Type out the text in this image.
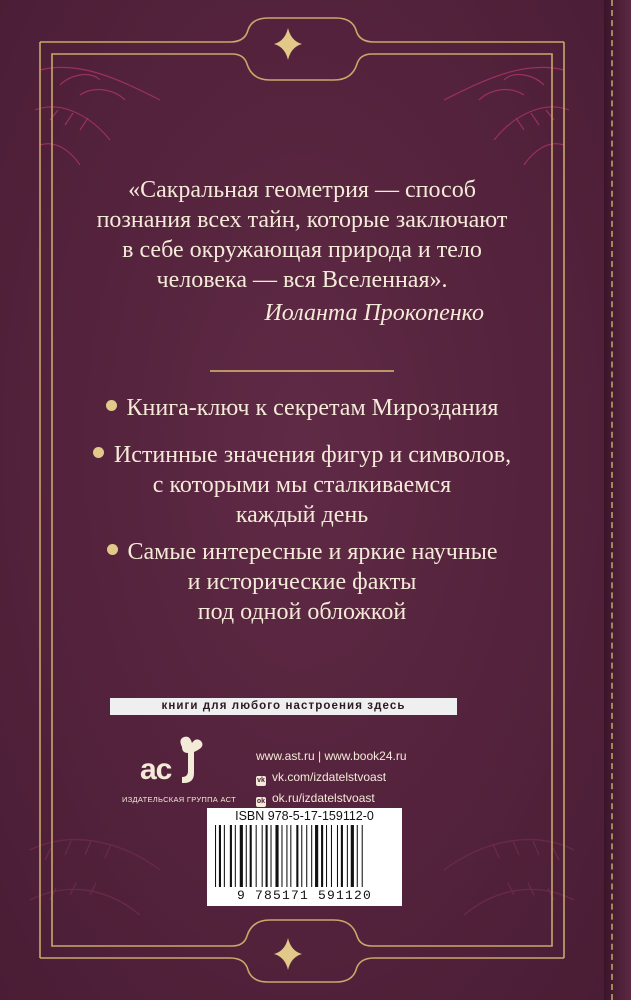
«Сакральная геометрия — способ
познания всех тайн, которые заключают
в себе окружающая природа и тело
человека — вся Вселенная».
Иоланта Прокопенко
Книга-ключ к секретам Мироздания
Истинные значения фигур и символов,
с которыми мы сталкиваемся
каждый день
Самые интересные и яркие научные
и исторические факты
под одной обложкой
книги для любого настроения здесь
ac
ИЗДАТЕЛЬСКАЯ ГРУППА АСТ
www.ast.ru | www.book24.ru
vk vk.com/izdatelstvoast
ok ok.ru/izdatelstvoast
ISBN 978-5-17-159112-0
9 785171 591120
